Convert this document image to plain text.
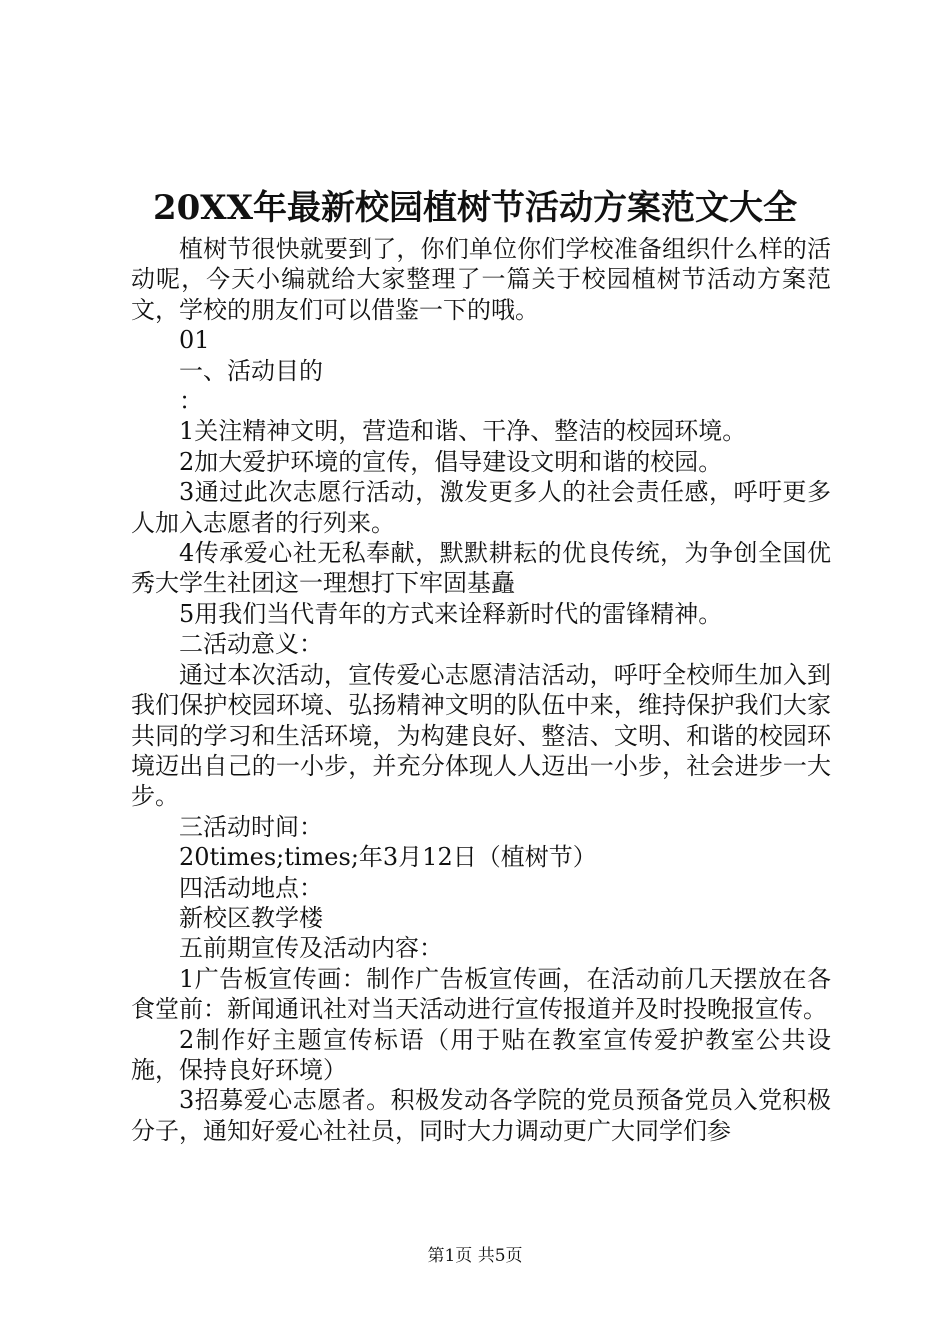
20XX年最新校园植树节活动方案范文大全

植树节很快就要到了，你们单位你们学校准备组织什么样的活动呢，今天小编就给大家整理了一篇关于校园植树节活动方案范文，学校的朋友们可以借鉴一下的哦。

01

一、活动目的

：

1关注精神文明，营造和谐、干净、整洁的校园环境。

2加大爱护环境的宣传，倡导建设文明和谐的校园。

3通过此次志愿行活动，激发更多人的社会责任感，呼吁更多人加入志愿者的行列来。

4传承爱心社无私奉献，默默耕耘的优良传统，为争创全国优秀大学生社团这一理想打下牢固基矗

5用我们当代青年的方式来诠释新时代的雷锋精神。

二活动意义：

通过本次活动，宣传爱心志愿清洁活动，呼吁全校师生加入到我们保护校园环境、弘扬精神文明的队伍中来，维持保护我们大家共同的学习和生活环境，为构建良好、整洁、文明、和谐的校园环境迈出自己的一小步，并充分体现人人迈出一小步，社会进步一大步。

三活动时间：

20times;times;年3月12日（植树节）

四活动地点：

新校区教学楼

五前期宣传及活动内容：

1广告板宣传画：制作广告板宣传画，在活动前几天摆放在各食堂前：新闻通讯社对当天活动进行宣传报道并及时投晚报宣传。

2制作好主题宣传标语（用于贴在教室宣传爱护教室公共设施，保持良好环境）

3招募爱心志愿者。积极发动各学院的党员预备党员入党积极分子，通知好爱心社社员，同时大力调动更广大同学们参

第1页 共5页
